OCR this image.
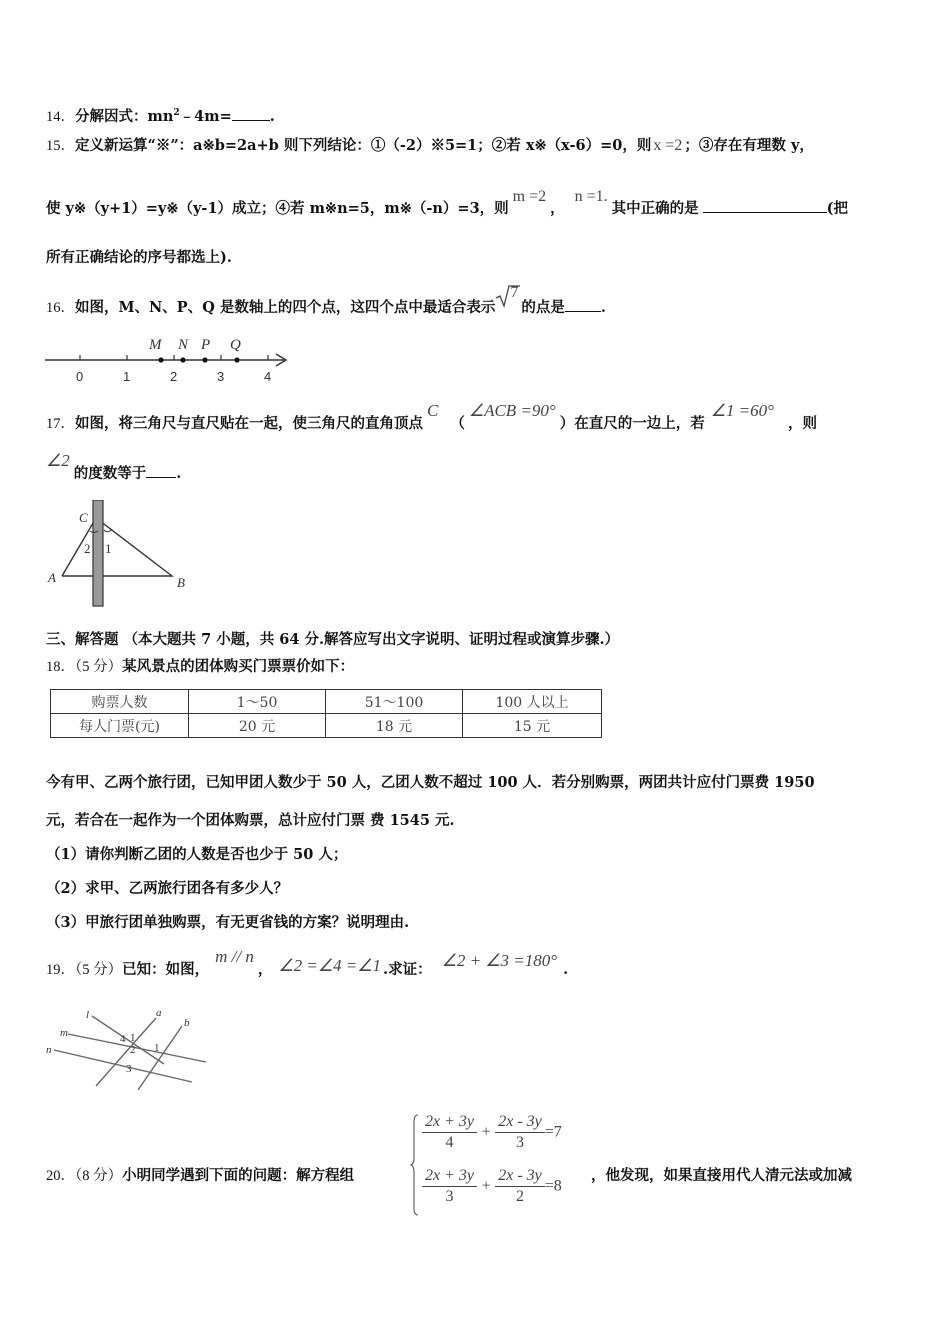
14．分解因式：$mn^2﹣4m=$	.
15．定义新运算“※”：a※b=2a+b 则下列结论：①（-2）※5=1；②若 x※（x-6）=0，则 x =2 ；③存在有理数 y，
使 y※（y+1）=y※（y-1）成立；④若 m※n=5，m※（-n）=3，则m =2，n =1.其中正确的是	(把
所有正确结论的序号都选上).
16．如图，M、N、P、Q 是数轴上的四个点，这四个点中最适合表示7的点是 .
M N P Q
0	1	2	3	4
17．如图，将三角尺与直尺贴在一起，使三角尺的直角顶点C（∠ACB =90°）在直尺的一边上，若∠1 =60°，则
∠2的度数等于 .
C
2 1
A	B
三、解答题 （本大题共 7 小题，共 64 分.解答应写出文字说明、证明过程或演算步骤.）
18．（5 分）某风景点的团体购买门票票价如下：
购票人数	1～50	51～100	100 人以上
每人门票(元)	20 元	18 元	15 元
今有甲、乙两个旅行团，已知甲团人数少于 50 人，乙团人数不超过 100 人．若分别购票，两团共计应付门票费 1950
元，若合在一起作为一个团体购票，总计应付门票 费 1545 元.
（1）请你判断乙团的人数是否也少于 50 人；
（2）求甲、乙两旅行团各有多少人？
（3）甲旅行团单独购票，有无更省钱的方案？说明理由.
19．（5 分）已知：如图，m // n， ∠2 =∠4 =∠1 .求证： ∠2 + ∠3 =180° .
l	a
b
m
n
4 1
2 1
3
20．（8 分）小明同学遇到下面的问题：解方程组
$\frac{2x + 3y}{4} + \frac{2x - 3y}{3} =7$
$\frac{2x + 3y}{3} + \frac{2x - 3y}{2} =8$
，他发现，如果直接用代人清元法或加减
